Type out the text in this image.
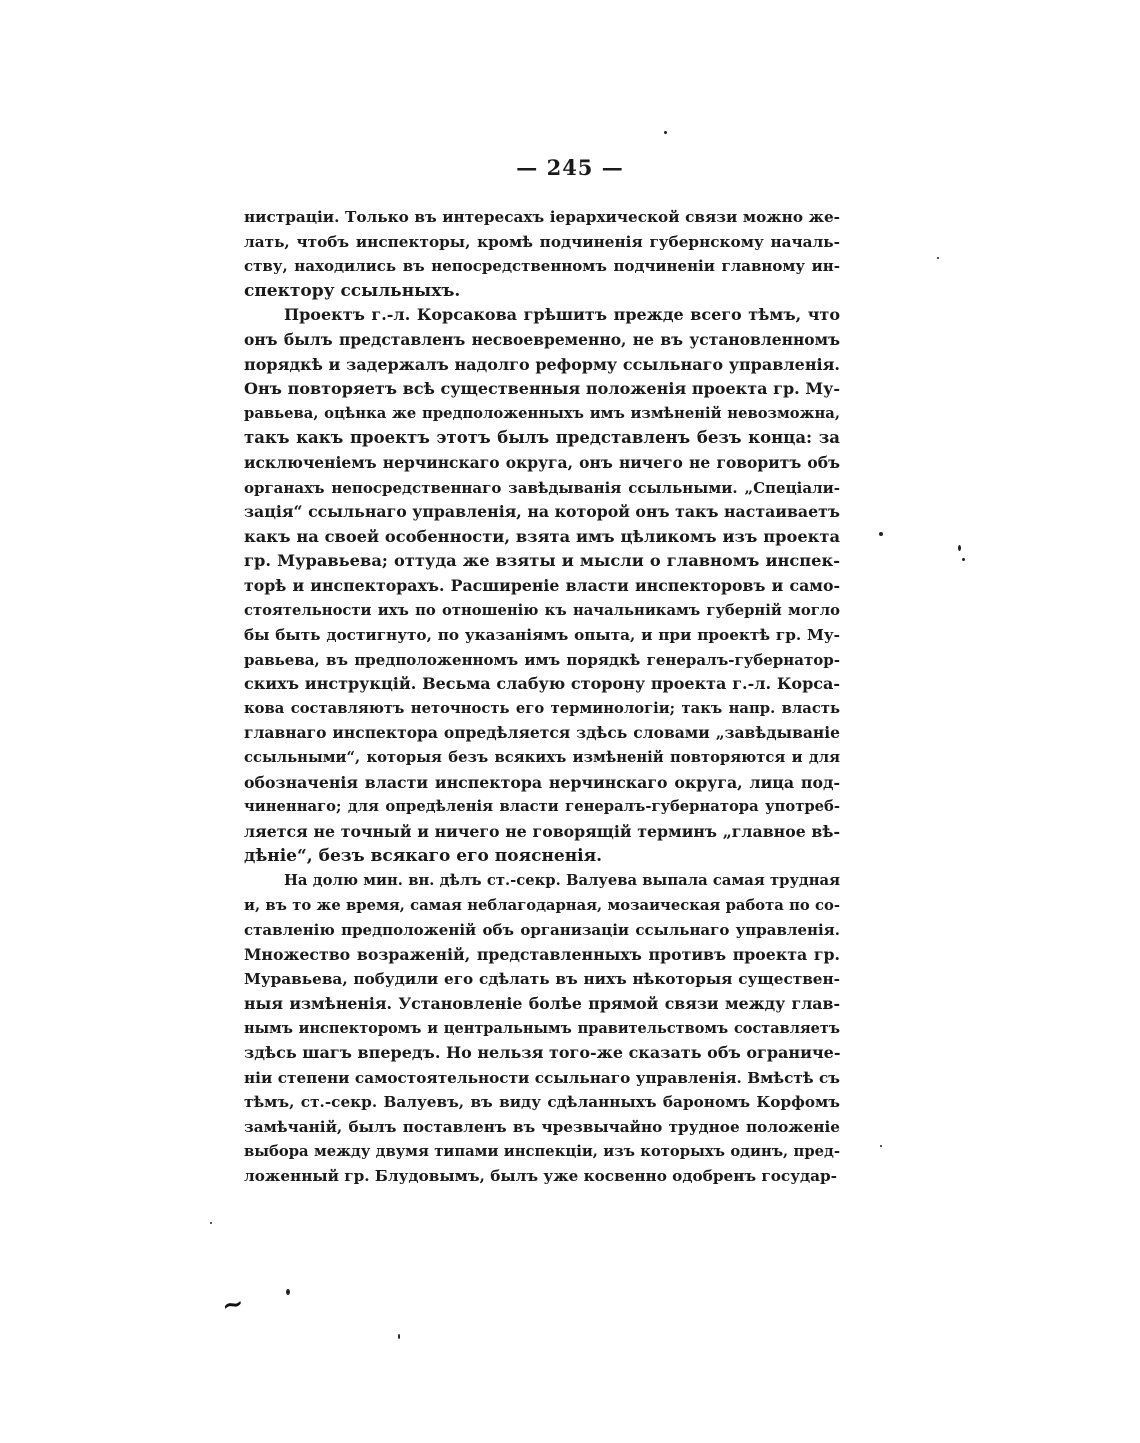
— 245 —

нистрацiи. Только въ интересахъ iерархической связи можно же-
лать, чтобъ инспекторы, кромѣ подчиненiя губернскому началь-
ству, находились въ непосредственномъ подчиненiи главному ин-
спектору ссыльныхъ.

Проектъ г.-л. Корсакова грѣшитъ прежде всего тѣмъ, что
онъ былъ представленъ несвоевременно, не въ установленномъ
порядкѣ и задержалъ надолго реформу ссыльнаго управленiя.
Онъ повторяетъ всѣ существенныя положенiя проекта гр. Му-
равьева, оцѣнка же предположенныхъ имъ измѣненiй невозможна,
такъ какъ проектъ этотъ былъ представленъ безъ конца: за
исключенiемъ нерчинскаго округа, онъ ничего не говоритъ объ
органахъ непосредственнаго завѣдыванiя ссыльными. „Спецiали-
зацiя“ ссыльнаго управленiя, на которой онъ такъ настаиваетъ
какъ на своей особенности, взята имъ цѣликомъ изъ проекта
гр. Муравьева; оттуда же взяты и мысли о главномъ инспек-
торѣ и инспекторахъ. Расширенiе власти инспекторовъ и само-
стоятельности ихъ по отношенiю къ начальникамъ губернiй могло
бы быть достигнуто, по указанiямъ опыта, и при проектѣ гр. Му-
равьева, въ предположенномъ имъ порядкѣ генералъ-губернатор-
скихъ инструкцiй. Весьма слабую сторону проекта г.-л. Корса-
кова составляютъ неточность его терминологiи; такъ напр. власть
главнаго инспектора опредѣляется здѣсь словами „завѣдыванiе
ссыльными“, которыя безъ всякихъ измѣненiй повторяются и для
обозначенiя власти инспектора нерчинскаго округа, лица под-
чиненнаго; для опредѣленiя власти генералъ-губернатора употреб-
ляется не точный и ничего не говорящiй терминъ „главное вѣ-
дѣнiе“, безъ всякаго его поясненiя.

На долю мин. вн. дѣлъ ст.-секр. Валуева выпала самая трудная
и, въ то же время, самая неблагодарная, мозаическая работа по со-
ставленiю предположенiй объ организацiи ссыльнаго управленiя.
Множество возраженiй, представленныхъ противъ проекта гр.
Муравьева, побудили его сдѣлать въ нихъ нѣкоторыя существен-
ныя измѣненiя. Установленiе болѣе прямой связи между глав-
нымъ инспекторомъ и центральнымъ правительствомъ составляетъ
здѣсь шагъ впередъ. Но нельзя того-же сказать объ ограниче-
нiи степени самостоятельности ссыльнаго управленiя. Вмѣстѣ съ
тѣмъ, ст.-секр. Валуевъ, въ виду сдѣланныхъ барономъ Корфомъ
замѣчанiй, былъ поставленъ въ чрезвычайно трудное положенiе
выбора между двумя типами инспекцiи, изъ которыхъ одинъ, пред-
ложенный гр. Блудовымъ, былъ уже косвенно одобренъ государ-

~
